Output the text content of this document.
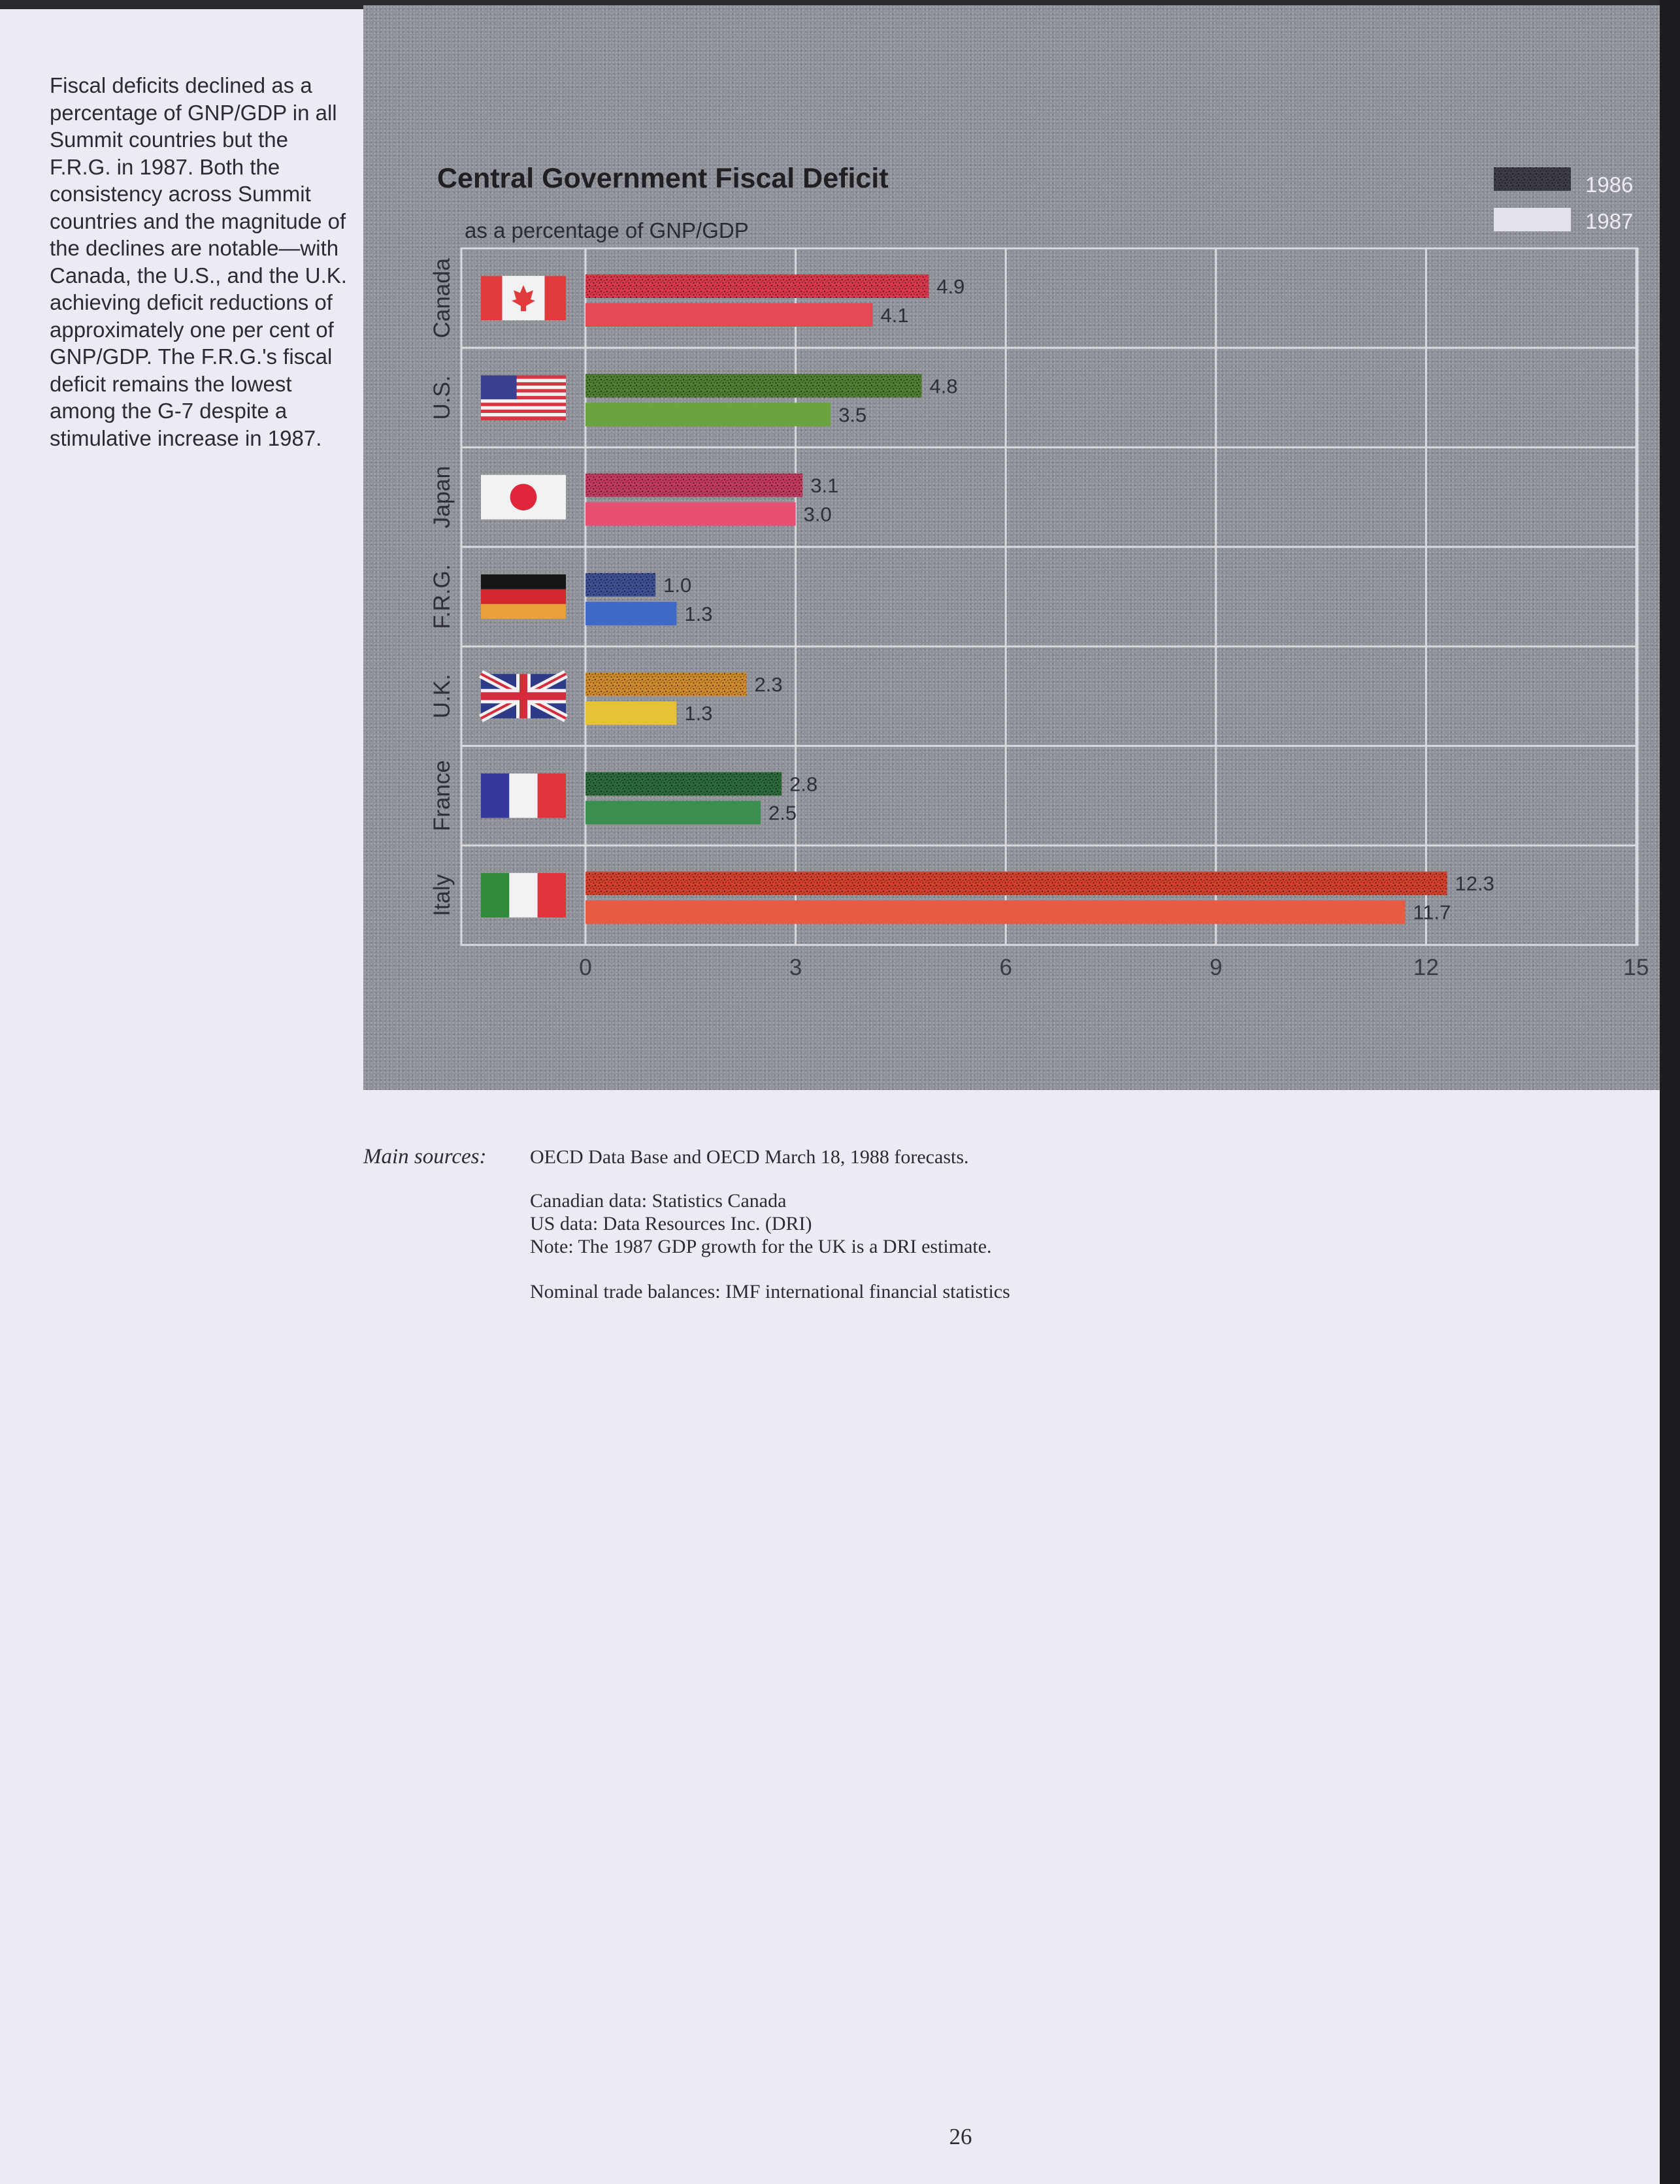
Fiscal deficits declined as a percentage of GNP/GDP in all Summit countries but the F.R.G. in 1987. Both the consistency across Summit countries and the magnitude of the declines are notable—with Canada, the U.S., and the U.K. achieving deficit reductions of approximately one per cent of GNP/GDP. The F.R.G.'s fiscal deficit remains the lowest among the G-7 despite a stimulative increase in 1987.
Central Government Fiscal Deficit
as a percentage of GNP/GDP
1986
1987
4.9
4.1
4.8
3.5
3.1
3.0
1.0
1.3
2.3
1.3
2.8
2.5
12.3
11.7
Canada
U.S.
Japan
F.R.G.
U.K.
France
Italy
0	3	6	9	12	15
Main sources: OECD Data Base and OECD March 18, 1988 forecasts.
Canadian data: Statistics Canada
US data: Data Resources Inc. (DRI)
Note: The 1987 GDP growth for the UK is a DRI estimate.
Nominal trade balances: IMF international financial statistics
26
